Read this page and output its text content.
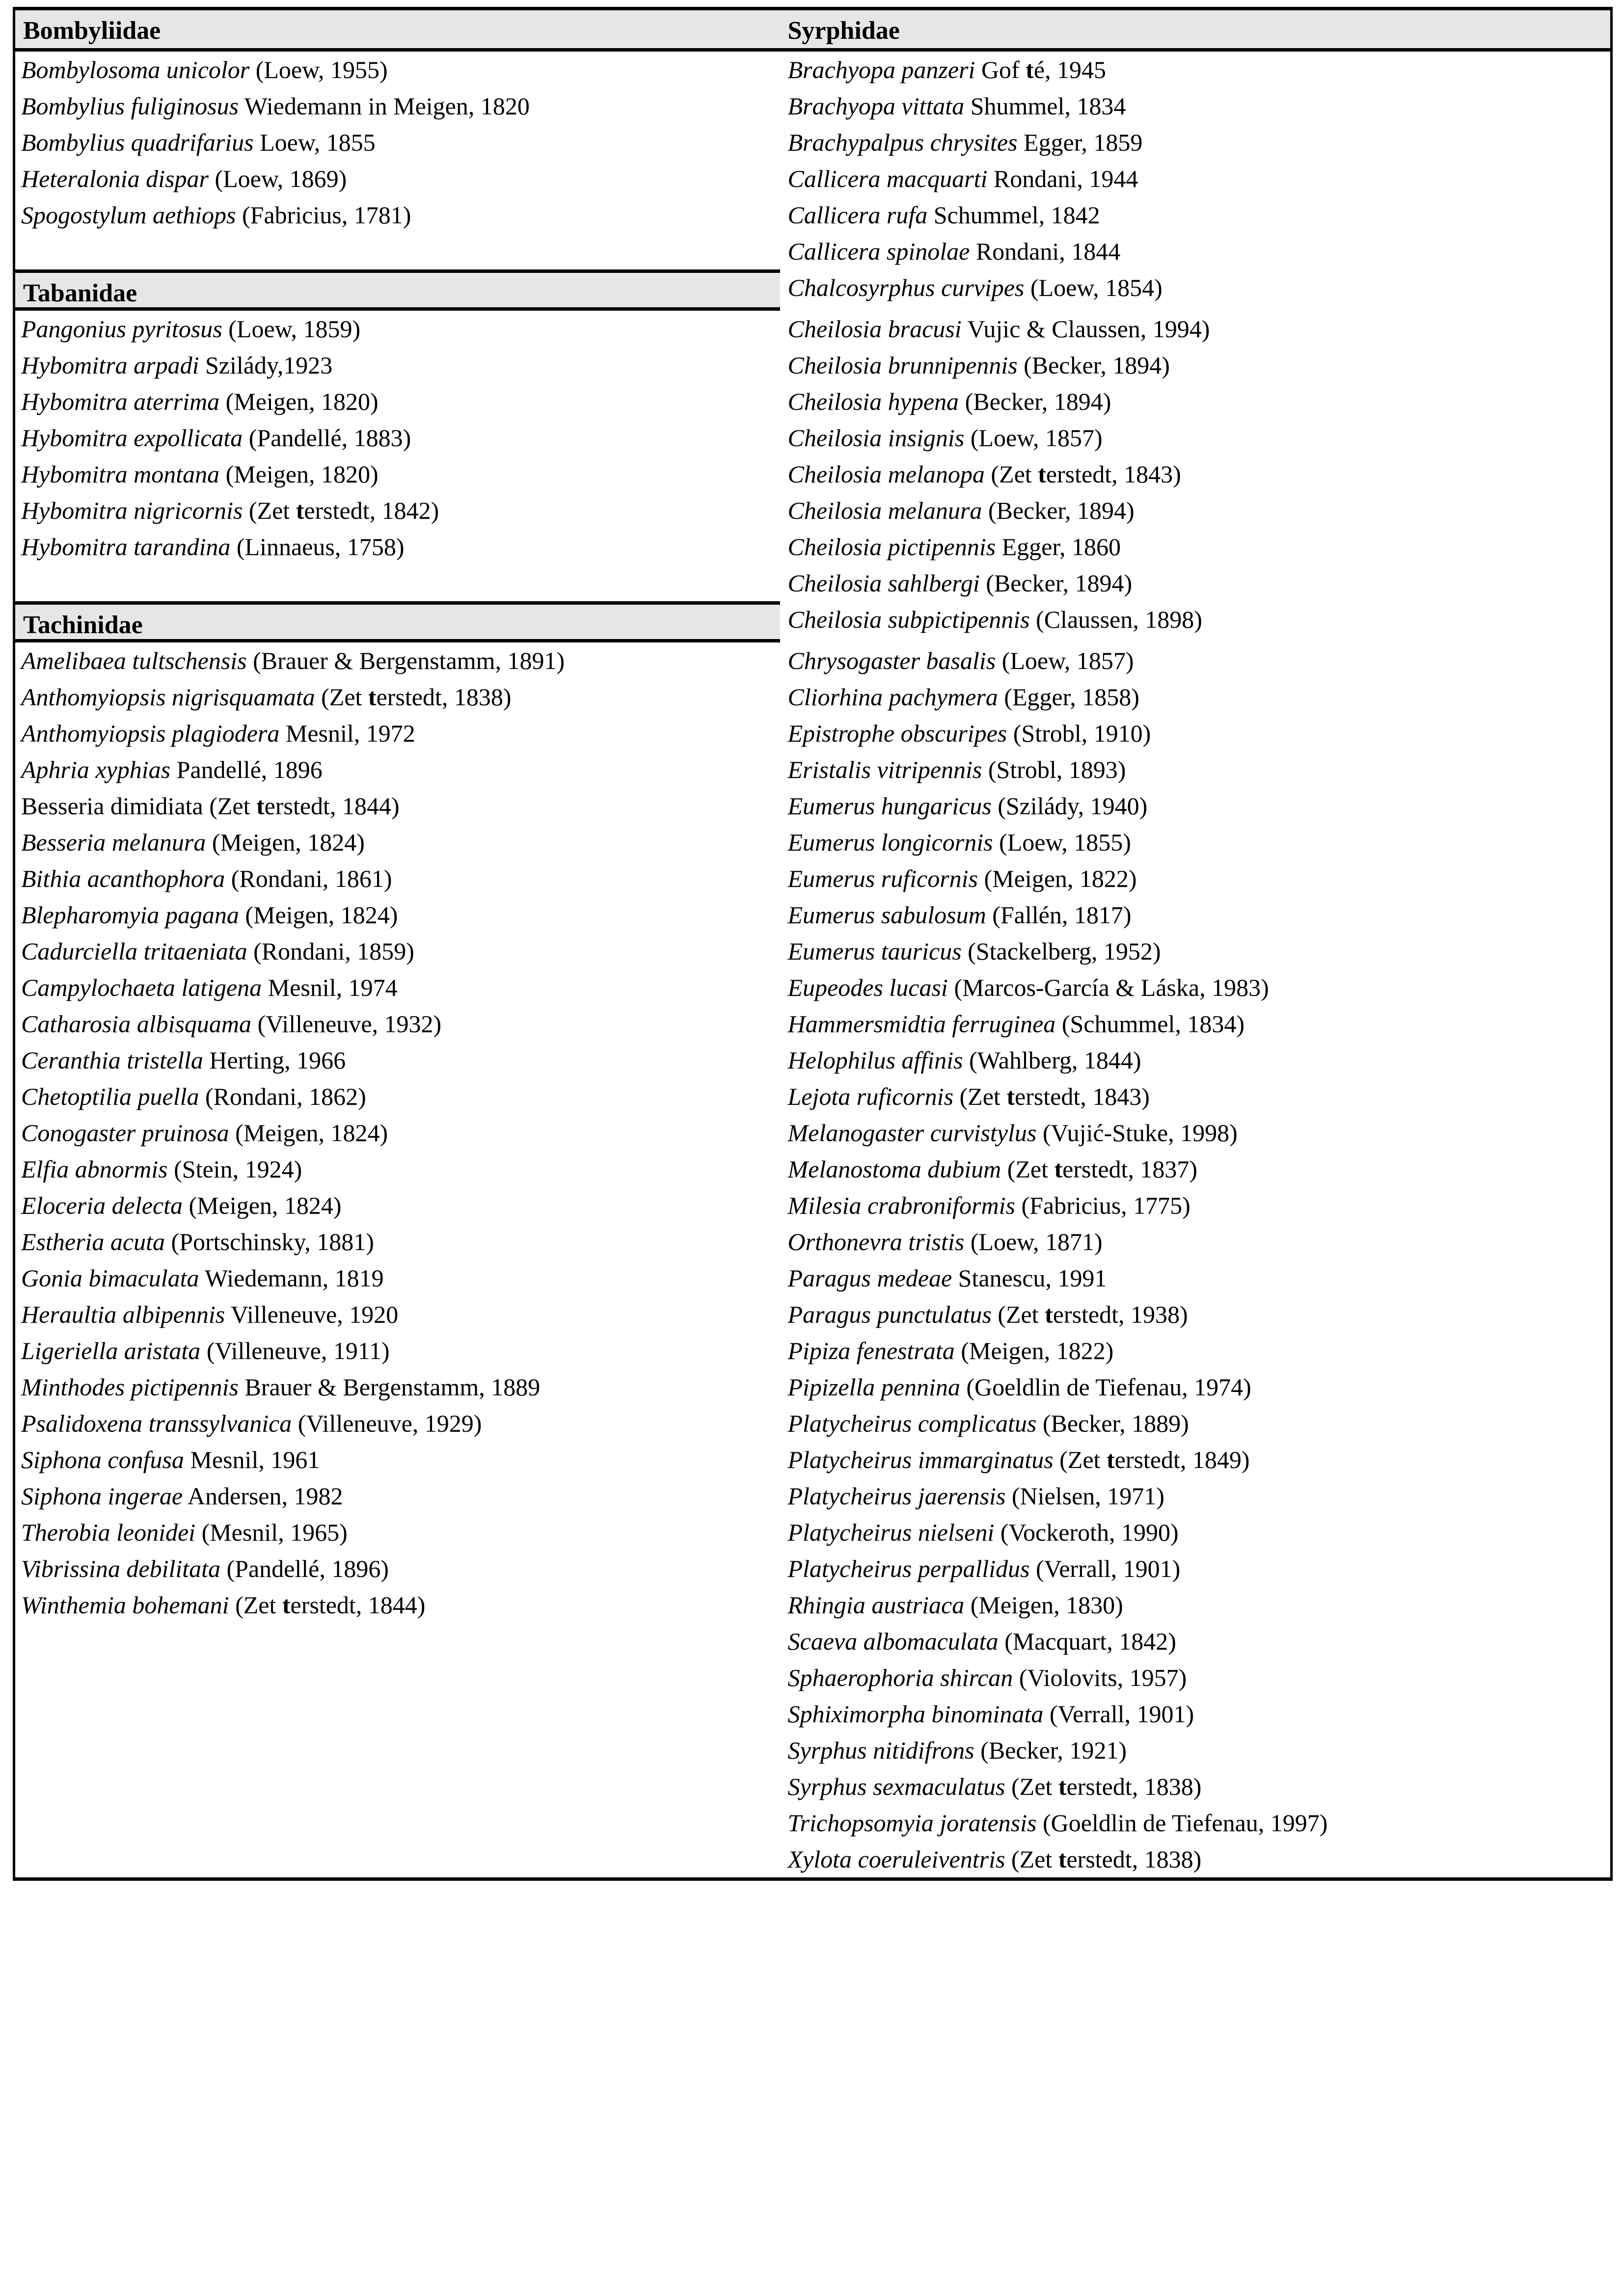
Bombyliidae	Syrphidae

Bombylosoma unicolor (Loew, 1955)	Brachyopa panzeri Gof té, 1945

Bombylius fuliginosus Wiedemann in Meigen, 1820	Brachyopa vittata Shummel, 1834

Bombylius quadrifarius Loew, 1855	Brachypalpus chrysites Egger, 1859

Heteralonia dispar (Loew, 1869)	Callicera macquarti Rondani, 1944

Spogostylum aethiops (Fabricius, 1781)	Callicera rufa Schummel, 1842

	Callicera spinolae Rondani, 1844

Tabanidae	Chalcosyrphus curvipes (Loew, 1854)

Pangonius pyritosus (Loew, 1859)	Cheilosia bracusi Vujic & Claussen, 1994)

Hybomitra arpadi Szilády,1923	Cheilosia brunnipennis (Becker, 1894)

Hybomitra aterrima (Meigen, 1820)	Cheilosia hypena (Becker, 1894)

Hybomitra expollicata (Pandellé, 1883)	Cheilosia insignis (Loew, 1857)

Hybomitra montana (Meigen, 1820)	Cheilosia melanopa (Zet terstedt, 1843)

Hybomitra nigricornis (Zet terstedt, 1842)	Cheilosia melanura (Becker, 1894)

Hybomitra tarandina (Linnaeus, 1758)	Cheilosia pictipennis Egger, 1860

	Cheilosia sahlbergi (Becker, 1894)

Tachinidae	Cheilosia subpictipennis (Claussen, 1898)

Amelibaea tultschensis (Brauer & Bergenstamm, 1891)	Chrysogaster basalis (Loew, 1857)

Anthomyiopsis nigrisquamata (Zet terstedt, 1838)	Cliorhina pachymera (Egger, 1858)

Anthomyiopsis plagiodera Mesnil, 1972	Epistrophe obscuripes (Strobl, 1910)

Aphria xyphias Pandellé, 1896	Eristalis vitripennis (Strobl, 1893)

Besseria dimidiata (Zet terstedt, 1844)	Eumerus hungaricus (Szilády, 1940)

Besseria melanura (Meigen, 1824)	Eumerus longicornis (Loew, 1855)

Bithia acanthophora (Rondani, 1861)	Eumerus ruficornis (Meigen, 1822)

Blepharomyia pagana (Meigen, 1824)	Eumerus sabulosum (Fallén, 1817)

Cadurciella tritaeniata (Rondani, 1859)	Eumerus tauricus (Stackelberg, 1952)

Campylochaeta latigena Mesnil, 1974	Eupeodes lucasi (Marcos-García & Láska, 1983)

Catharosia albisquama (Villeneuve, 1932)	Hammersmidtia ferruginea (Schummel, 1834)

Ceranthia tristella Herting, 1966	Helophilus affinis (Wahlberg, 1844)

Chetoptilia puella (Rondani, 1862)	Lejota ruficornis (Zet terstedt, 1843)

Conogaster pruinosa (Meigen, 1824)	Melanogaster curvistylus (Vujić-Stuke, 1998)

Elfia abnormis (Stein, 1924)	Melanostoma dubium (Zet terstedt, 1837)

Eloceria delecta (Meigen, 1824)	Milesia crabroniformis (Fabricius, 1775)

Estheria acuta (Portschinsky, 1881)	Orthonevra tristis (Loew, 1871)

Gonia bimaculata Wiedemann, 1819	Paragus medeae Stanescu, 1991

Heraultia albipennis Villeneuve, 1920	Paragus punctulatus (Zet terstedt, 1938)

Ligeriella aristata (Villeneuve, 1911)	Pipiza fenestrata (Meigen, 1822)

Minthodes pictipennis Brauer & Bergenstamm, 1889	Pipizella pennina (Goeldlin de Tiefenau, 1974)

Psalidoxena transsylvanica (Villeneuve, 1929)	Platycheirus complicatus (Becker, 1889)

Siphona confusa Mesnil, 1961	Platycheirus immarginatus (Zet terstedt, 1849)

Siphona ingerae Andersen, 1982	Platycheirus jaerensis (Nielsen, 1971)

Therobia leonidei (Mesnil, 1965)	Platycheirus nielseni (Vockeroth, 1990)

Vibrissina debilitata (Pandellé, 1896)	Platycheirus perpallidus (Verrall, 1901)

Winthemia bohemani (Zet terstedt, 1844)	Rhingia austriaca (Meigen, 1830)

	Scaeva albomaculata (Macquart, 1842)

	Sphaerophoria shircan (Violovits, 1957)

	Sphiximorpha binominata (Verrall, 1901)

	Syrphus nitidifrons (Becker, 1921)

	Syrphus sexmaculatus (Zet terstedt, 1838)

	Trichopsomyia joratensis (Goeldlin de Tiefenau, 1997)

	Xylota coeruleiventris (Zet terstedt, 1838)
